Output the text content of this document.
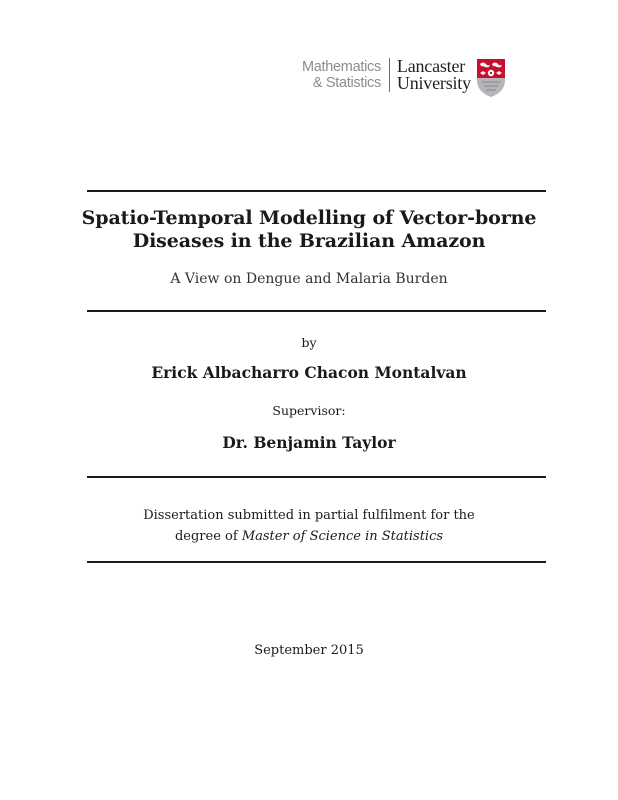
Mathematics
& Statistics
Lancaster
University
Spatio-Temporal Modelling of Vector-borne
Diseases in the Brazilian Amazon
A View on Dengue and Malaria Burden
by
Erick Albacharro Chacon Montalvan
Supervisor:
Dr. Benjamin Taylor
Dissertation submitted in partial fulfilment for the
degree of Master of Science in Statistics
September 2015
